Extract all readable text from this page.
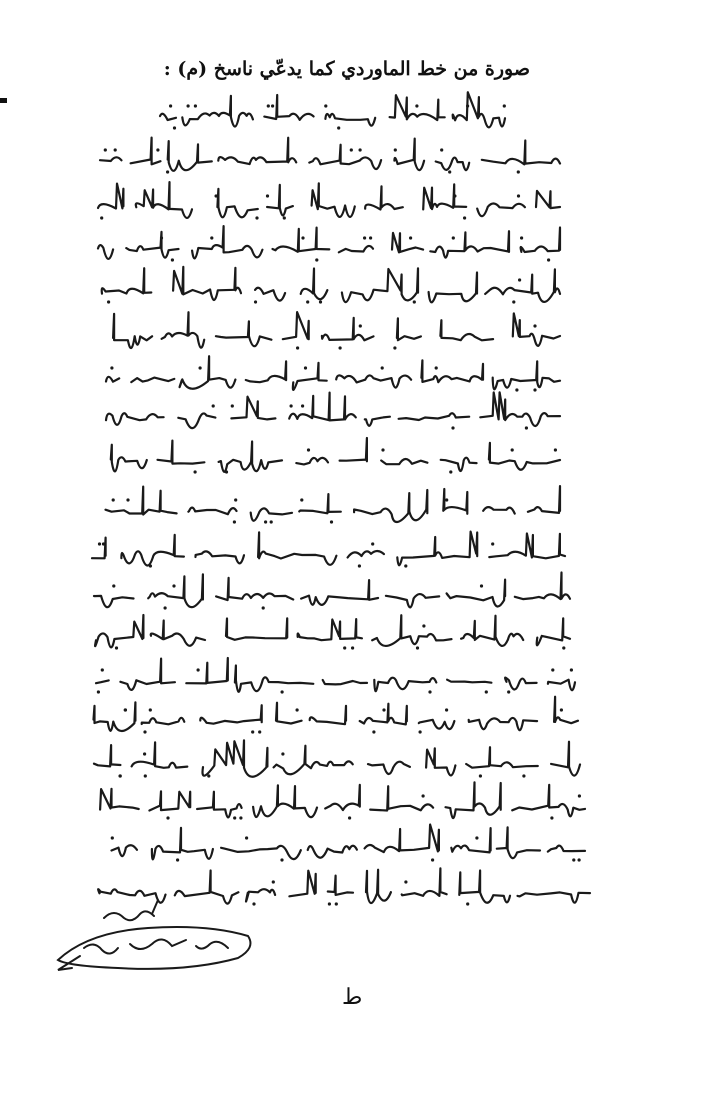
صورة من خط الماوردي كما يدعّي ناسخ (م) :
ط
